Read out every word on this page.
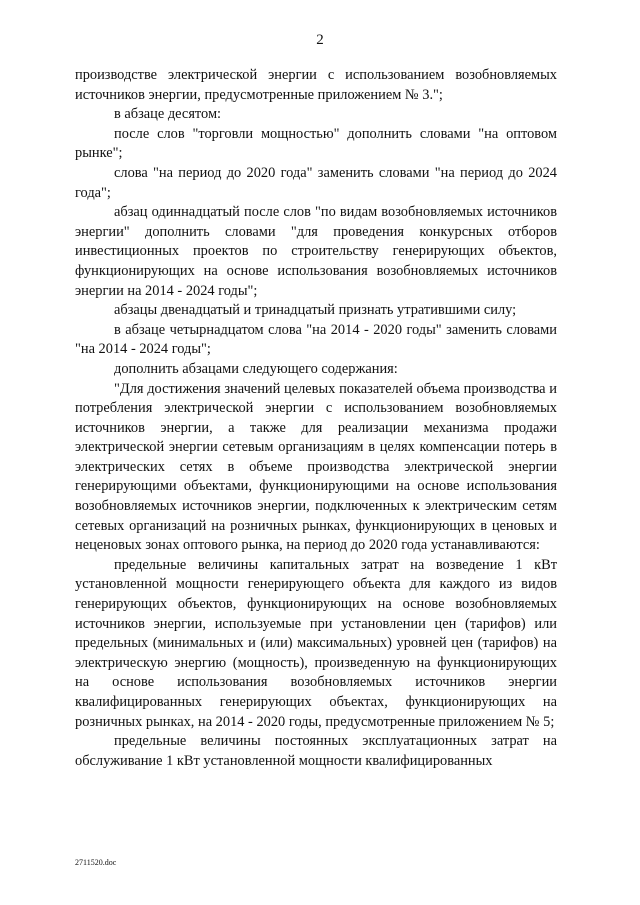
2

производстве электрической энергии с использованием возобновляемых источников энергии, предусмотренные приложением № 3.";

в абзаце десятом:

после слов "торговли мощностью" дополнить словами "на оптовом рынке";

слова "на период до 2020 года" заменить словами "на период до 2024 года";

абзац одиннадцатый после слов "по видам возобновляемых источников энергии" дополнить словами "для проведения конкурсных отборов инвестиционных проектов по строительству генерирующих объектов, функционирующих на основе использования возобновляемых источников энергии на 2014 - 2024 годы";

абзацы двенадцатый и тринадцатый признать утратившими силу;

в абзаце четырнадцатом слова "на 2014 - 2020 годы" заменить словами "на 2014 - 2024 годы";

дополнить абзацами следующего содержания:

"Для достижения значений целевых показателей объема производства и потребления электрической энергии с использованием возобновляемых источников энергии, а также для реализации механизма продажи электрической энергии сетевым организациям в целях компенсации потерь в электрических сетях в объеме производства электрической энергии генерирующими объектами, функционирующими на основе использования возобновляемых источников энергии, подключенных к электрическим сетям сетевых организаций на розничных рынках, функционирующих в ценовых и неценовых зонах оптового рынка, на период до 2020 года устанавливаются:

предельные величины капитальных затрат на возведение 1 кВт установленной мощности генерирующего объекта для каждого из видов генерирующих объектов, функционирующих на основе возобновляемых источников энергии, используемые при установлении цен (тарифов) или предельных (минимальных и (или) максимальных) уровней цен (тарифов) на электрическую энергию (мощность), произведенную на функционирующих на основе использования возобновляемых источников энергии квалифицированных генерирующих объектах, функционирующих на розничных рынках, на 2014 - 2020 годы, предусмотренные приложением № 5;

предельные величины постоянных эксплуатационных затрат на обслуживание 1 кВт установленной мощности квалифицированных

2711520.doc
